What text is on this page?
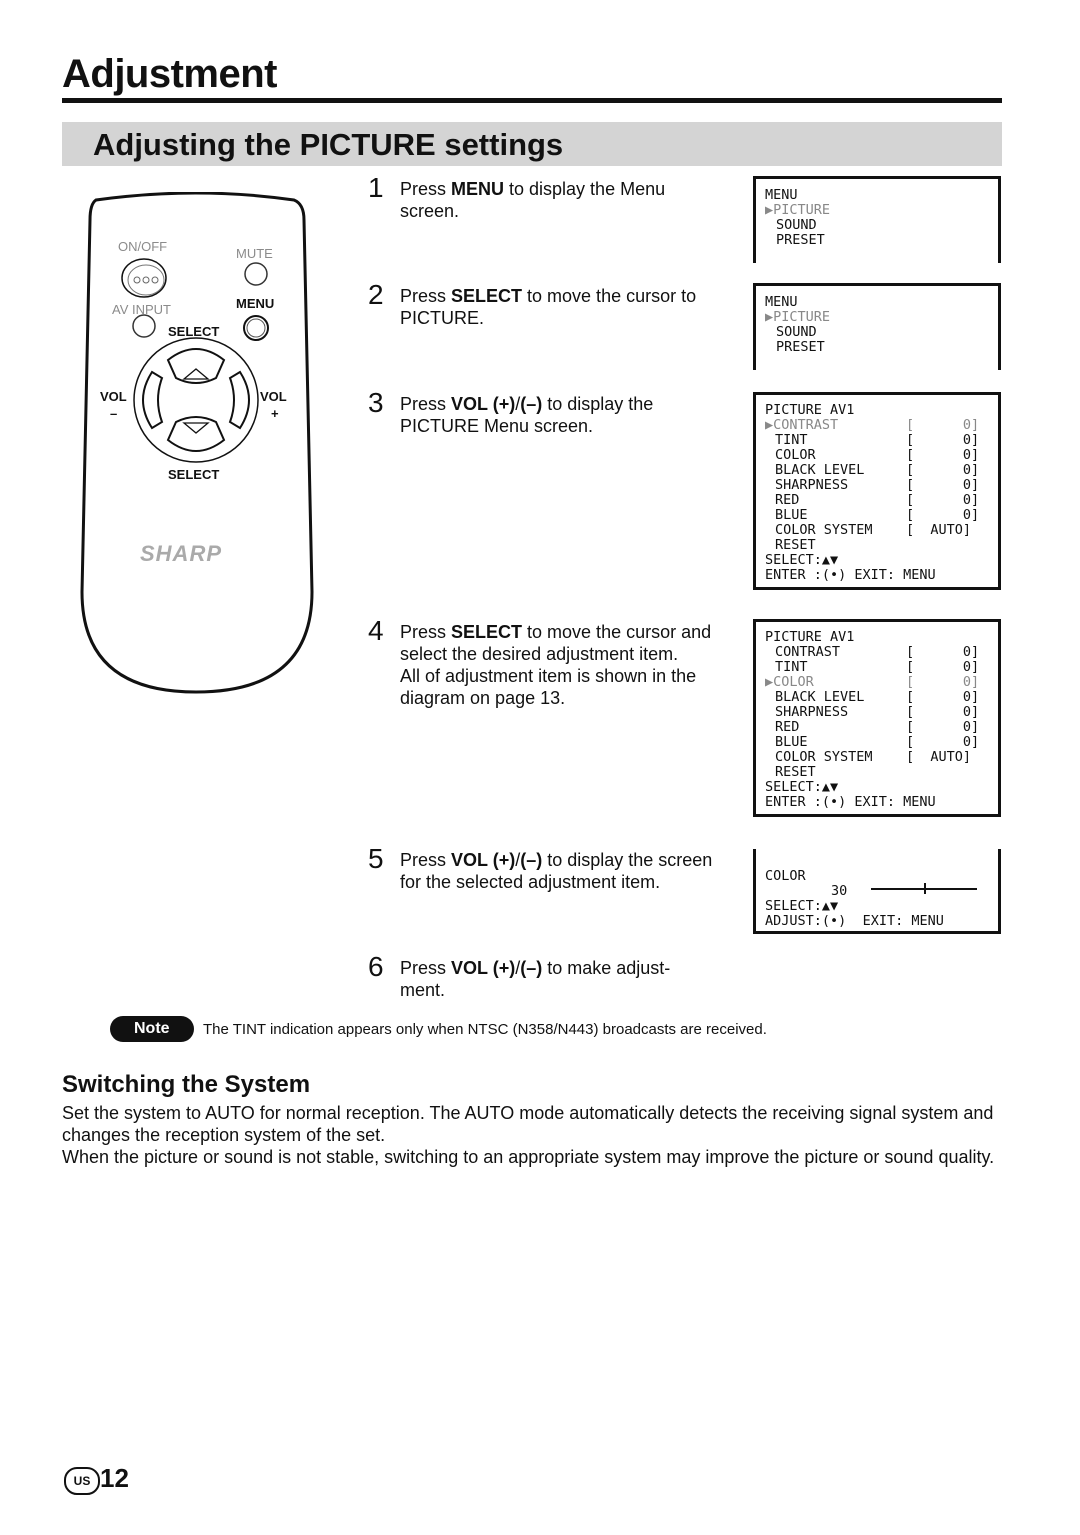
Adjustment
Adjusting the PICTURE settings
ON/OFF	MUTE
AV INPUT	MENU
SELECT
VOL
–
VOL
+
SELECT
SHARP
1 Press MENU to display the Menu screen.
2 Press SELECT to move the cursor to PICTURE.
3 Press VOL (+)/(–) to display the PICTURE Menu screen.
4 Press SELECT to move the cursor and select the desired adjustment item.
All of adjustment item is shown in the diagram on page 13.
5 Press VOL (+)/(–) to display the screen for the selected adjustment item.
6 Press VOL (+)/(–) to make adjust- ment.
MENU
▶PICTURE
SOUND
PRESET
MENU
▶PICTURE
SOUND
PRESET
PICTURE AV1
▶CONTRAST	[      0]
TINT	[      0]
COLOR	[      0]
BLACK LEVEL	[      0]
SHARPNESS	[      0]
RED	[      0]
BLUE	[      0]
COLOR SYSTEM [  AUTO]
RESET
SELECT:▲▼
ENTER :(•) EXIT: MENU
PICTURE AV1
CONTRAST	[      0]
TINT	[      0]
▶COLOR	[      0]
BLACK LEVEL	[      0]
SHARPNESS	[      0]
RED	[      0]
BLUE	[      0]
COLOR SYSTEM [  AUTO]
RESET
SELECT:▲▼
ENTER :(•) EXIT: MENU
COLOR
30
SELECT:▲▼
ADJUST:(•) EXIT: MENU
Note The TINT indication appears only when NTSC (N358/N443) broadcasts are received.
Switching the System
Set the system to AUTO for normal reception. The AUTO mode automatically detects the receiving signal system and changes the reception system of the set.
When the picture or sound is not stable, switching to an appropriate system may improve the picture or sound quality.
US 12
